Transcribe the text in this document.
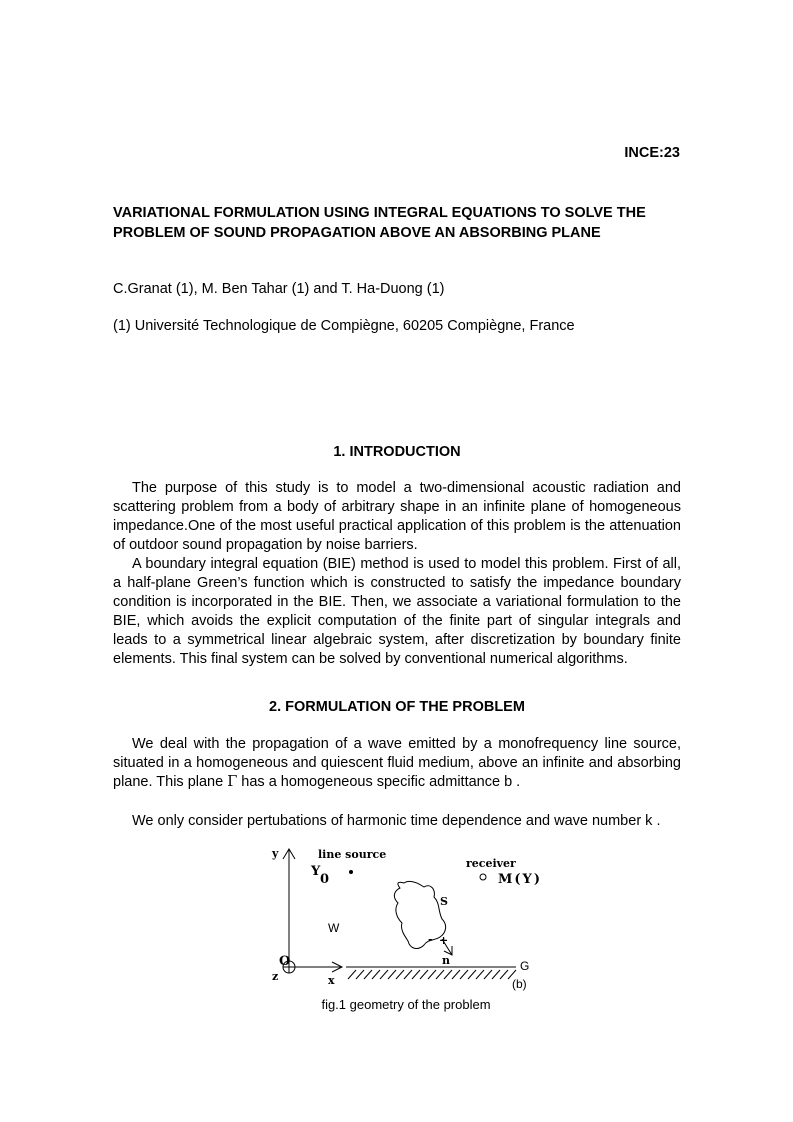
INCE:23
VARIATIONAL FORMULATION USING INTEGRAL EQUATIONS TO SOLVE THE PROBLEM OF SOUND PROPAGATION ABOVE AN ABSORBING PLANE
C.Granat (1), M. Ben Tahar (1) and T. Ha-Duong (1)
(1) Université Technologique de Compiègne, 60205 Compiègne, France
1. INTRODUCTION

The purpose of this study is to model a two-dimensional acoustic radiation and scattering problem from a body of arbitrary shape in an infinite plane of homogeneous impedance.One of the most useful practical application of this problem is the attenuation of outdoor sound propagation by noise barriers.

A boundary integral equation (BIE) method is used to model this problem. First of all, a half-plane Green’s function which is constructed to satisfy the impedance boundary condition is incorporated in the BIE. Then, we associate a variational formulation to the BIE, which avoids the explicit computation of the finite part of singular integrals and leads to a symmetrical linear algebraic system, after discretization by boundary finite elements. This final system can be solved by conventional numerical algorithms.

2. FORMULATION OF THE PROBLEM

We deal with the propagation of a wave emitted by a monofrequency line source, situated in a homogeneous and quiescent fluid medium, above an infinite and absorbing plane. This plane Γ has a homogeneous specific admittance b .

We only consider pertubations of harmonic time dependence and wave number k .

y	line source
Y
0
receiver
M(Y)
S
W
- +
n
O
z	x
G
(b)
fig.1 geometry of the problem
